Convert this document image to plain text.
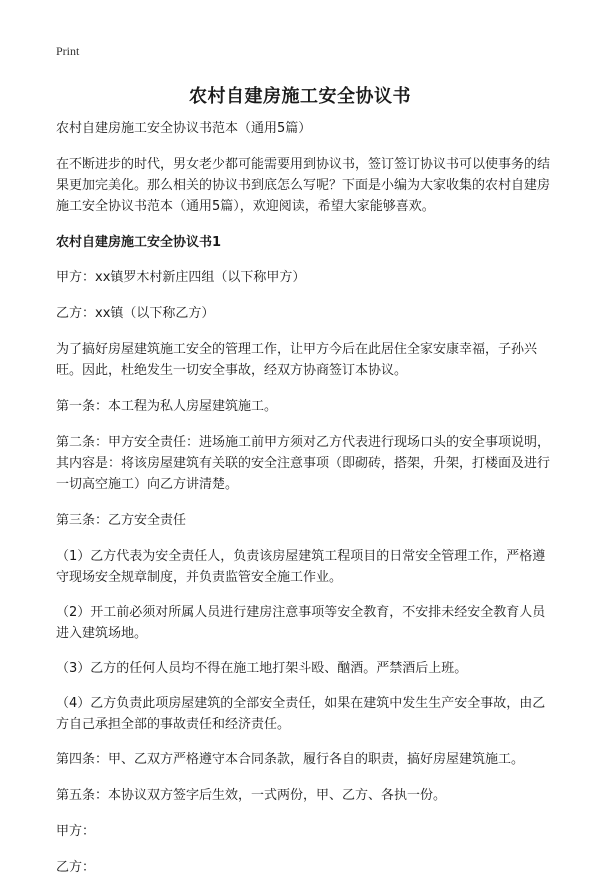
Print
农村自建房施工安全协议书

农村自建房施工安全协议书范本（通用5篇）

在不断进步的时代，男女老少都可能需要用到协议书，签订签订协议书可以使事务的结果更加完美化。那么相关的协议书到底怎么写呢？下面是小编为大家收集的农村自建房施工安全协议书范本（通用5篇），欢迎阅读，希望大家能够喜欢。

农村自建房施工安全协议书1

甲方：xx镇罗木村新庄四组（以下称甲方）

乙方：xx镇（以下称乙方）

为了搞好房屋建筑施工安全的管理工作，让甲方今后在此居住全家安康幸福，子孙兴旺。因此，杜绝发生一切安全事故，经双方协商签订本协议。

第一条：本工程为私人房屋建筑施工。

第二条：甲方安全责任：进场施工前甲方须对乙方代表进行现场口头的安全事项说明，其内容是：将该房屋建筑有关联的安全注意事项（即砌砖，搭架，升架，打楼面及进行一切高空施工）向乙方讲清楚。

第三条：乙方安全责任

（1）乙方代表为安全责任人，负责该房屋建筑工程项目的日常安全管理工作，严格遵守现场安全规章制度，并负责监管安全施工作业。

（2）开工前必须对所属人员进行建房注意事项等安全教育，不安排未经安全教育人员进入建筑场地。

（3）乙方的任何人员均不得在施工地打架斗殴、酗酒。严禁酒后上班。

（4）乙方负责此项房屋建筑的全部安全责任，如果在建筑中发生生产安全事故，由乙方自己承担全部的事故责任和经济责任。

第四条：甲、乙双方严格遵守本合同条款，履行各自的职责，搞好房屋建筑施工。

第五条：本协议双方签字后生效，一式两份，甲、乙方、各执一份。

甲方：

乙方：
